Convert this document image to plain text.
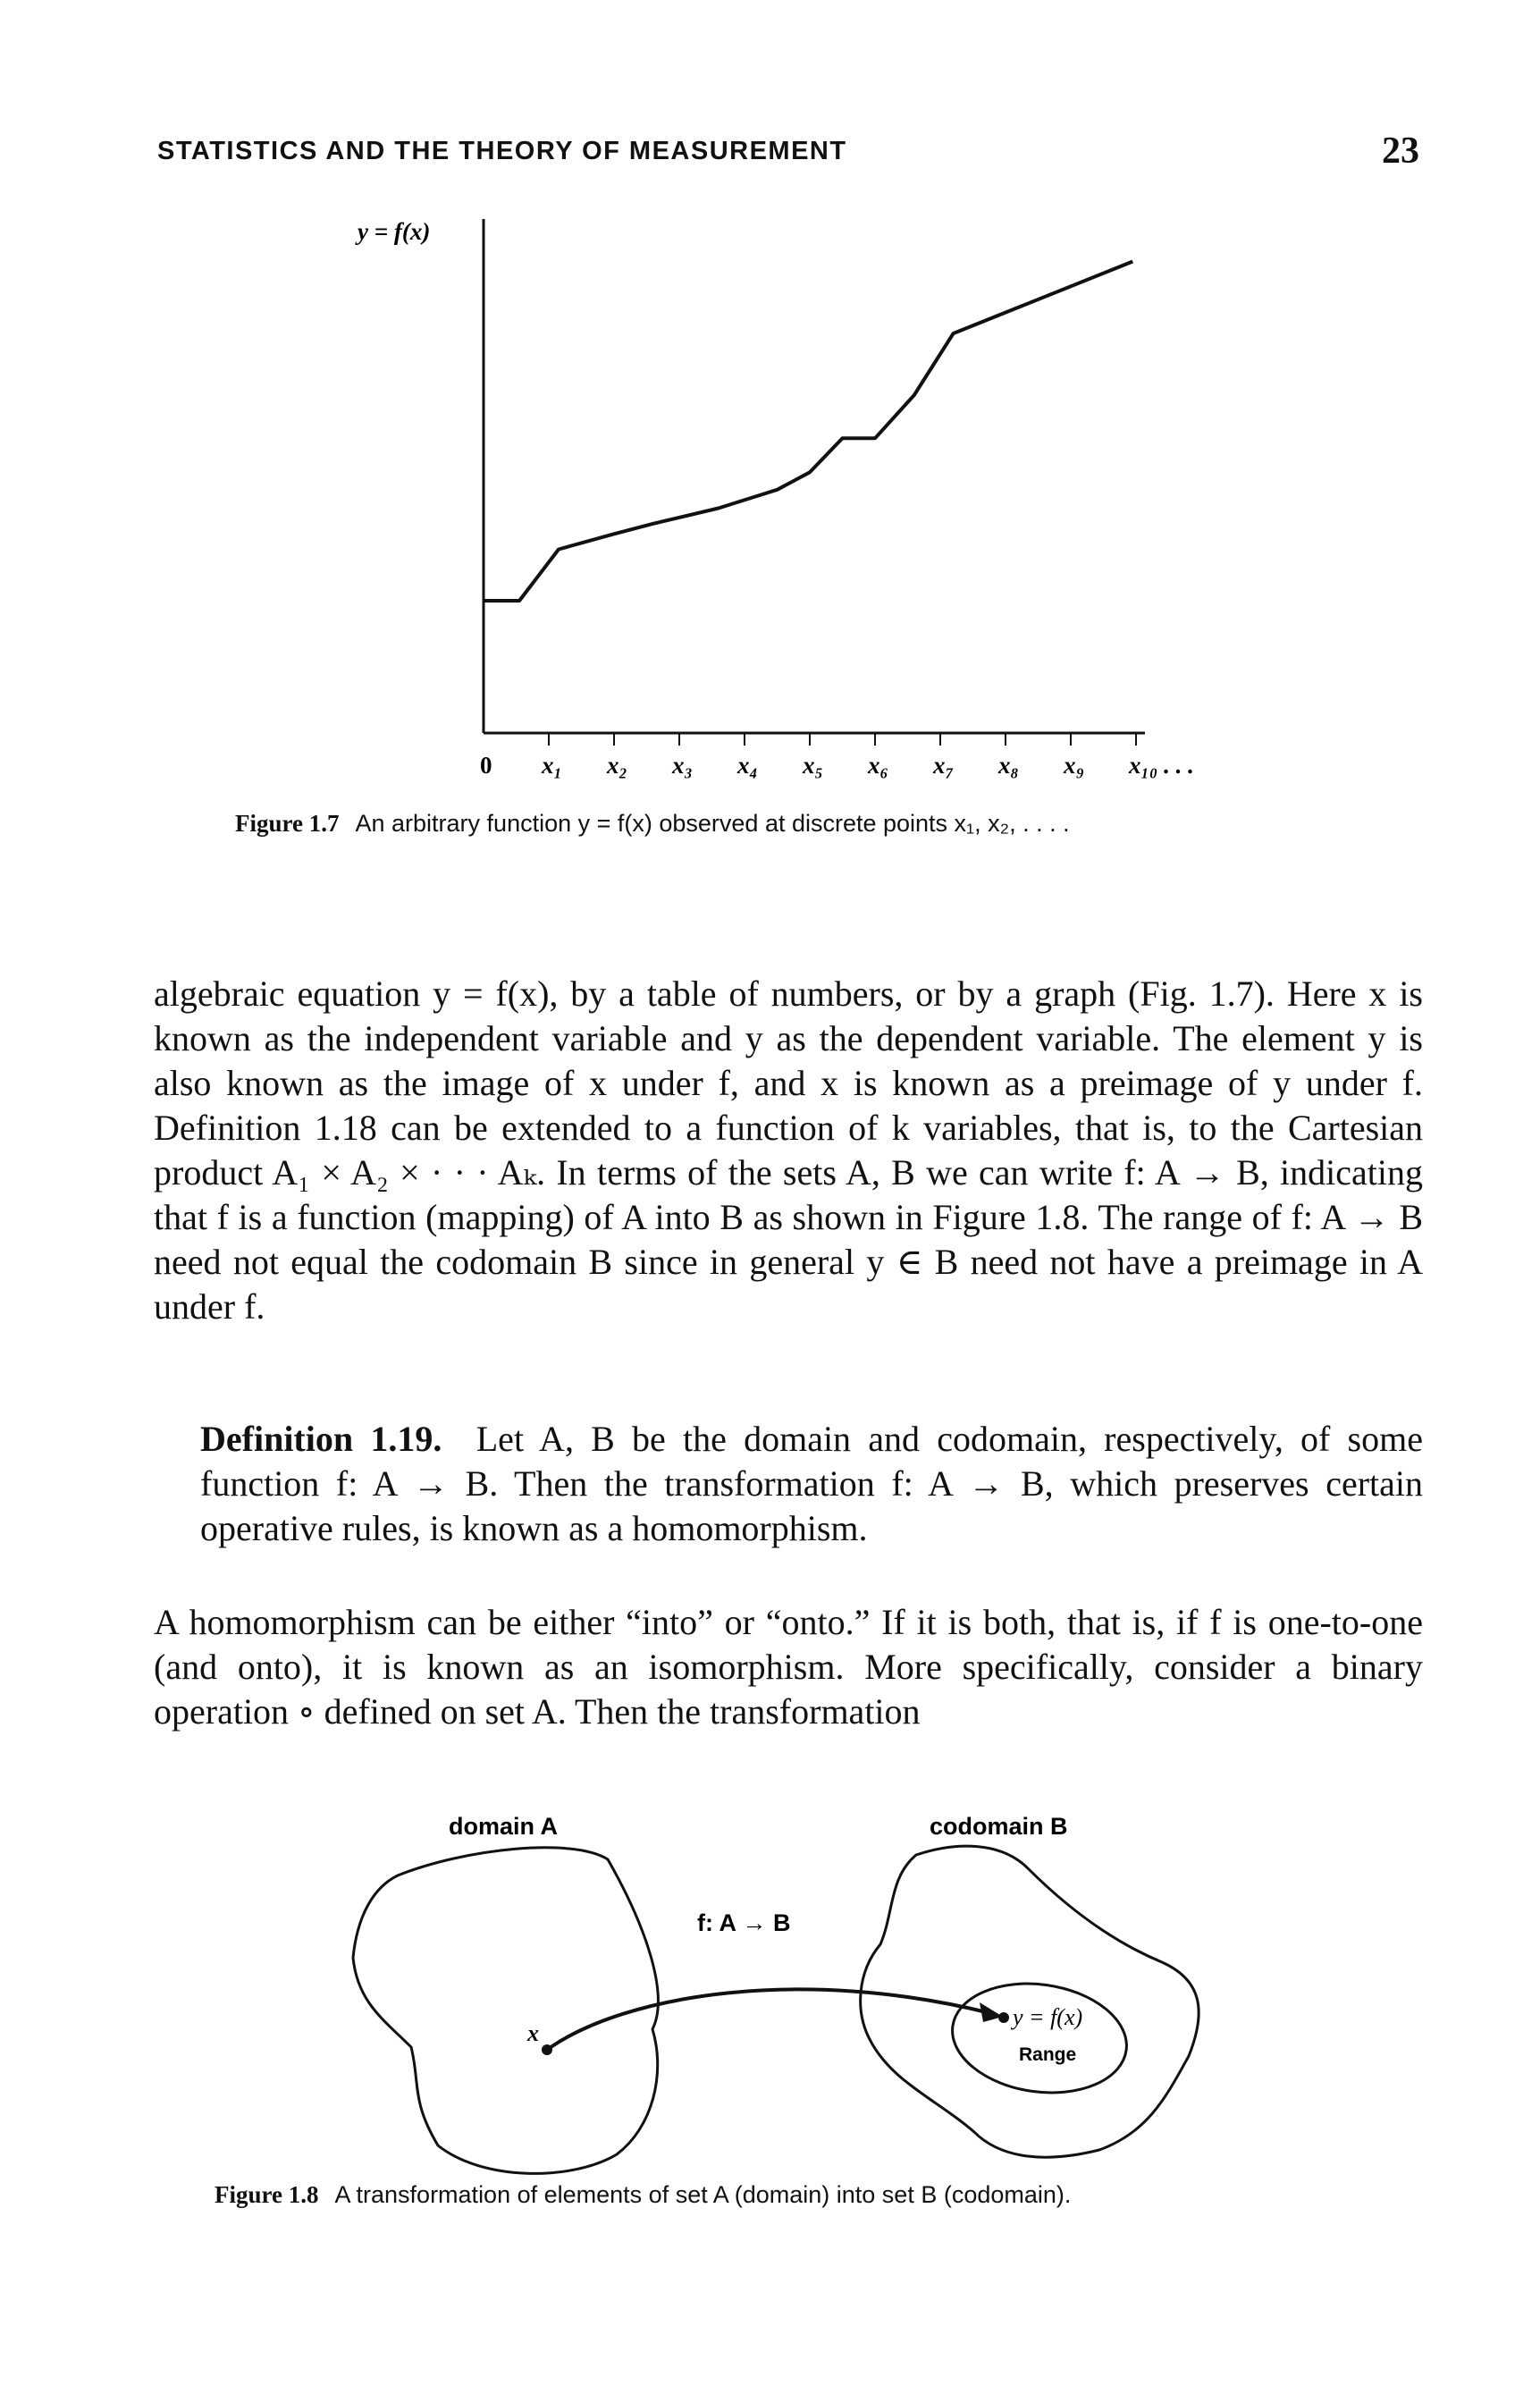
STATISTICS AND THE THEORY OF MEASUREMENT	23
y = f(x)
0 x₁ x₂ x₃ x₄ x₅ x₆ x₇ x₈ x₉ x₁₀ . . .
Figure 1.7 An arbitrary function y = f(x) observed at discrete points x₁, x₂, . . . .

algebraic equation y = f(x), by a table of numbers, or by a graph (Fig. 1.7). Here x is known as the independent variable and y as the dependent variable. The element y is also known as the image of x under f, and x is known as a preimage of y under f. Definition 1.18 can be extended to a function of k variables, that is, to the Cartesian product A₁ × A₂ × · · · Aₖ. In terms of the sets A, B we can write f: A → B, indicating that f is a function (mapping) of A into B as shown in Figure 1.8. The range of f: A → B need not equal the codomain B since in general y ∈ B need not have a preimage in A under f.

Definition 1.19. Let A, B be the domain and codomain, respectively, of some function f: A → B. Then the transformation f: A → B, which preserves certain operative rules, is known as a homomorphism.

A homomorphism can be either “into” or “onto.” If it is both, that is, if f is one-to-one (and onto), it is known as an isomorphism. More specifically, consider a binary operation ∘ defined on set A. Then the transformation

domain A	codomain B
f: A → B
x
y = f(x)
Range
Figure 1.8 A transformation of elements of set A (domain) into set B (codomain).
